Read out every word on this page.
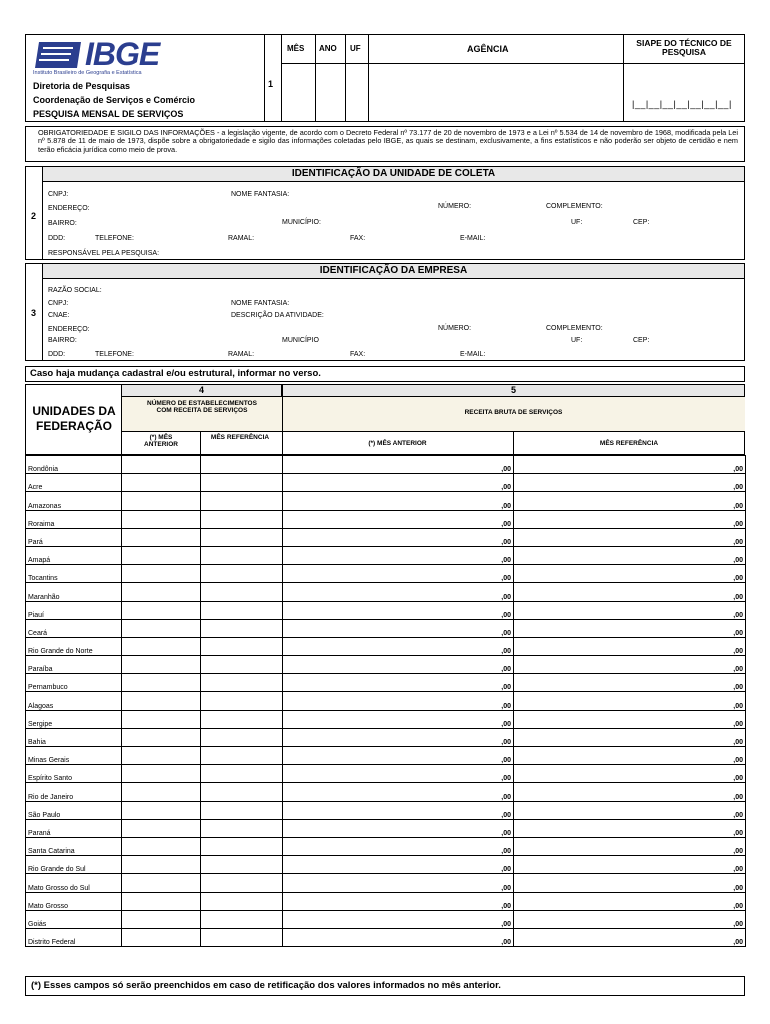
IBGE
Instituto Brasileiro de Geografia e Estatística
Diretoria de Pesquisas
Coordenação de Serviços e Comércio
PESQUISA MENSAL DE SERVIÇOS
1
MÊS ANO UF	AGÊNCIA
SIAPE DO TÉCNICO DE PESQUISA
|__|__|__|__|__|__|__|
OBRIGATORIEDADE E SIGILO DAS INFORMAÇÕES - a legislação vigente, de acordo com o Decreto Federal nº 73.177 de 20 de novembro de 1973 e a Lei nº 5.534 de 14 de novembro de 1968, modificada pela Lei nº 5.878 de 11 de maio de 1973, dispõe sobre a obrigatoriedade e sigilo das informações coletadas pelo IBGE, as quais se destinam, exclusivamente, a fins estatísticos e não poderão ser objeto de certidão e nem terão eficácia jurídica como meio de prova.
IDENTIFICAÇÃO DA UNIDADE DE COLETA
2
CNPJ:	NOME FANTASIA:
ENDEREÇO:	NÚMERO:	COMPLEMENTO:
BAIRRO:	MUNICÍPIO:	UF:	CEP:
DDD:	TELEFONE:	RAMAL:	FAX:	E-MAIL:
RESPONSÁVEL PELA PESQUISA:
IDENTIFICAÇÃO DA EMPRESA
3
RAZÃO SOCIAL:
CNPJ:	NOME FANTASIA:
CNAE:	DESCRIÇÃO DA ATIVIDADE:
ENDEREÇO:	NÚMERO:	COMPLEMENTO:
BAIRRO:	MUNICÍPIO	UF:	CEP:
DDD:	TELEFONE:	RAMAL:	FAX:	E-MAIL:
Caso haja mudança cadastral e/ou estrutural, informar no verso.
4	5
UNIDADES DA FEDERAÇÃO
NÚMERO DE ESTABELECIMENTOS COM RECEITA DE SERVIÇOS	RECEITA BRUTA DE SERVIÇOS
(*) MÊS ANTERIOR
MÊS REFERÊNCIA
(*) MÊS ANTERIOR	MÊS REFERÊNCIA
Rondônia			,00	,00
Acre			,00	,00
Amazonas			,00	,00
Roraima			,00	,00
Pará			,00	,00
Amapá			,00	,00
Tocantins			,00	,00
Maranhão			,00	,00
Piauí			,00	,00
Ceará			,00	,00
Rio Grande do Norte			,00	,00
Paraíba			,00	,00
Pernambuco			,00	,00
Alagoas			,00	,00
Sergipe			,00	,00
Bahia			,00	,00
Minas Gerais			,00	,00
Espírito Santo			,00	,00
Rio de Janeiro			,00	,00
São Paulo			,00	,00
Paraná			,00	,00
Santa Catarina			,00	,00
Rio Grande do Sul			,00	,00
Mato Grosso do Sul			,00	,00
Mato Grosso			,00	,00
Goiás			,00	,00
Distrito Federal			,00	,00
(*) Esses campos só serão preenchidos em caso de retificação dos valores informados no mês anterior.
